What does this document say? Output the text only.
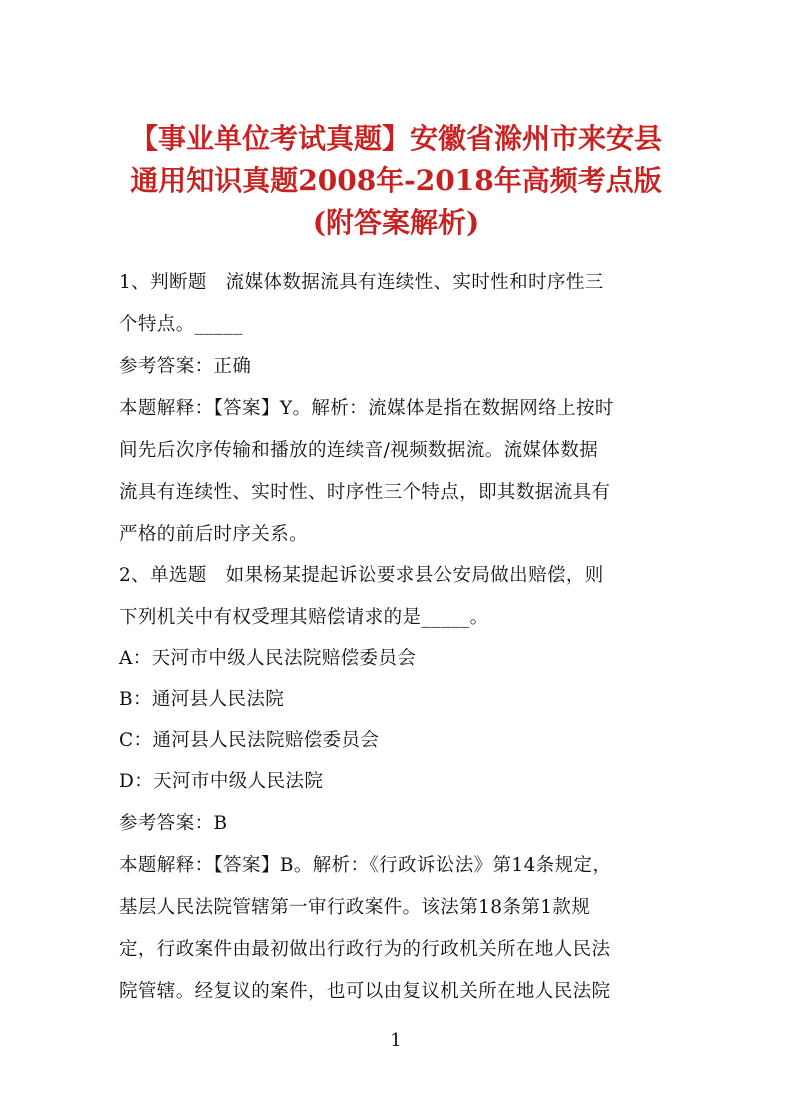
【事业单位考试真题】安徽省滁州市来安县
通用知识真题2008年-2018年高频考点版
(附答案解析)
1、判断题　流媒体数据流具有连续性、实时性和时序性三
个特点。_____
参考答案：正确
本题解释：【答案】Y。解析：流媒体是指在数据网络上按时
间先后次序传输和播放的连续音/视频数据流。流媒体数据
流具有连续性、实时性、时序性三个特点，即其数据流具有
严格的前后时序关系。
2、单选题　如果杨某提起诉讼要求县公安局做出赔偿，则
下列机关中有权受理其赔偿请求的是_____。
A：天河市中级人民法院赔偿委员会
B：通河县人民法院
C：通河县人民法院赔偿委员会
D：天河市中级人民法院
参考答案：B
本题解释：【答案】B。解析：《行政诉讼法》第14条规定，
基层人民法院管辖第一审行政案件。该法第18条第1款规
定，行政案件由最初做出行政行为的行政机关所在地人民法
院管辖。经复议的案件，也可以由复议机关所在地人民法院
1
